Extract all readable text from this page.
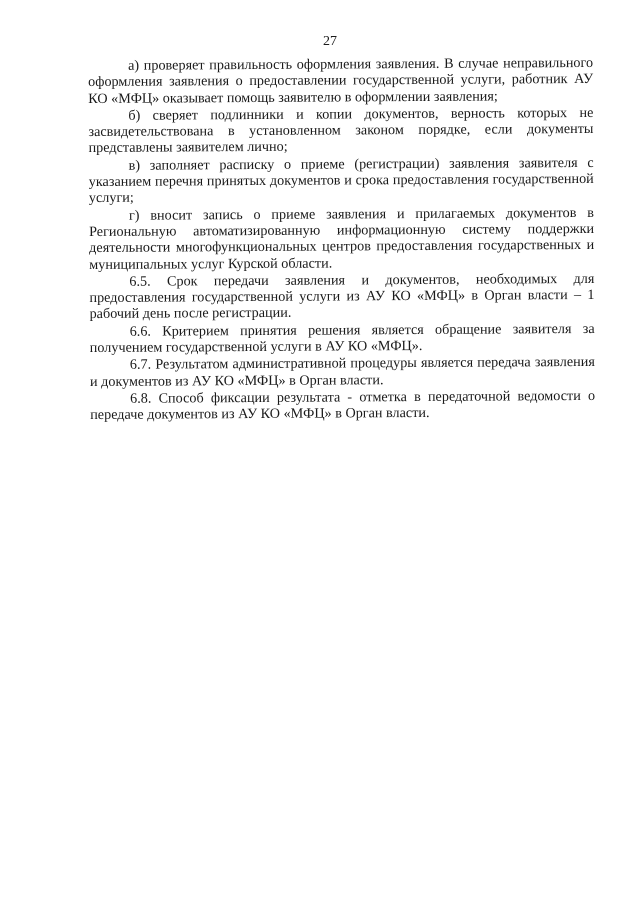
27

а) проверяет правильность оформления заявления. В случае неправильного оформления заявления о предоставлении государственной услуги, работник АУ КО «МФЦ» оказывает помощь заявителю в оформлении заявления;

б) сверяет подлинники и копии документов, верность которых не засвидетельствована в установленном законом порядке, если документы представлены заявителем лично;

в) заполняет расписку о приеме (регистрации) заявления заявителя с указанием перечня принятых документов и срока предоставления государственной услуги;

г) вносит запись о приеме заявления и прилагаемых документов в Региональную автоматизированную информационную систему поддержки деятельности многофункциональных центров предоставления государственных и муниципальных услуг Курской области.

6.5. Срок передачи заявления и документов, необходимых для предоставления государственной услуги из АУ КО «МФЦ» в Орган власти – 1 рабочий день после регистрации.

6.6. Критерием принятия решения является обращение заявителя за получением государственной услуги в АУ КО «МФЦ».

6.7. Результатом административной процедуры является передача заявления и документов из АУ КО «МФЦ» в Орган власти.

6.8. Способ фиксации результата - отметка в передаточной ведомости о передаче документов из АУ КО «МФЦ» в Орган власти.
